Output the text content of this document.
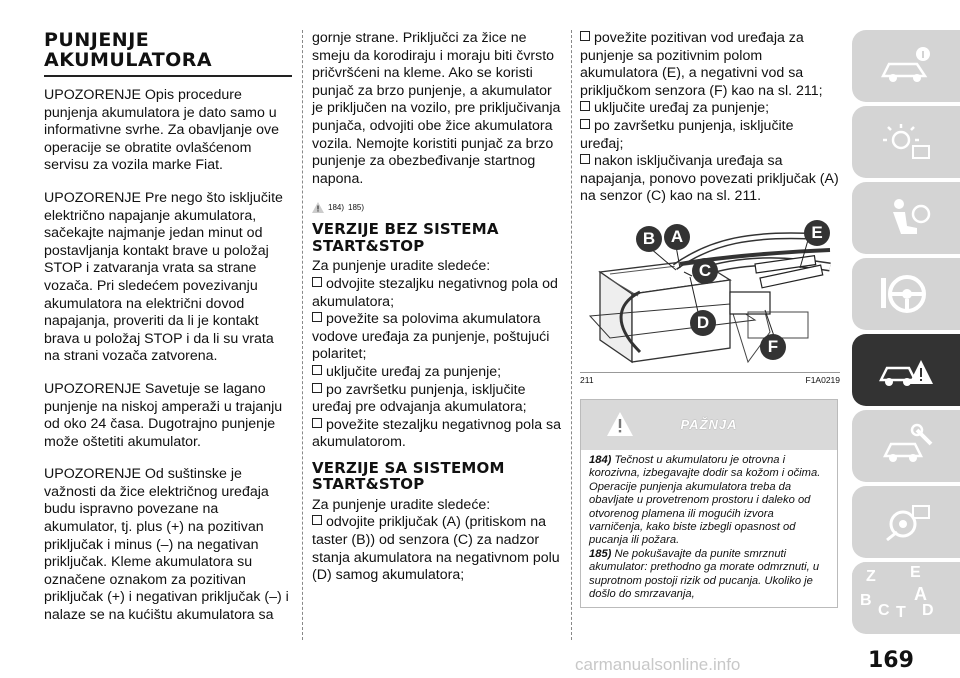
PUNJENJE
AKUMULATORA

UPOZORENJE Opis procedure punjenja akumulatora je dato samo u informativne svrhe. Za obavljanje ove operacije se obratite ovlašćenom servisu za vozila marke Fiat.

UPOZORENJE Pre nego što isključite električno napajanje akumulatora, sačekajte najmanje jedan minut od postavljanja kontakt brave u položaj STOP i zatvaranja vrata sa strane vozača. Pri sledećem povezivanju akumulatora na električni dovod napajanja, proveriti da li je kontakt brava u položaj STOP i da li su vrata na strani vozača zatvorena.

UPOZORENJE Savetuje se lagano punjenje na niskoj amperaži u trajanju od oko 24 časa. Dugotrajno punjenje može oštetiti akumulator.

UPOZORENJE Od suštinske je važnosti da žice električnog uređaja budu ispravno povezane na akumulator, tj. plus (+) na pozitivan priključak i minus (–) na negativan priključak. Kleme akumulatora su označene oznakom za pozitivan priključak (+) i negativan priključak (–) i nalaze se na kućištu akumulatora sa

gornje strane. Priključci za žice ne smeju da korodiraju i moraju biti čvrsto pričvršćeni na kleme. Ako se koristi punjač za brzo punjenje, a akumulator je priključen na vozilo, pre priključivanja punjača, odvojiti obe žice akumulatora vozila. Nemojte koristiti punjač za brzo punjenje za obezbeđivanje startnog napona.

184) 185)
VERZIJE BEZ SISTEMA START&STOP

Za punjenje uradite sledeće:

odvojite stezaljku negativnog pola od akumulatora;

povežite sa polovima akumulatora vodove uređaja za punjenje, poštujući polaritet;

uključite uređaj za punjenje;

po završetku punjenja, isključite uređaj pre odvajanja akumulatora;

povežite stezaljku negativnog pola sa akumulatorom.

VERZIJE SA SISTEMOM START&STOP

Za punjenje uradite sledeće:

odvojite priključak (A) (pritiskom na taster (B)) od senzora (C) za nadzor stanja akumulatora na negativnom polu (D) samog akumulatora;

povežite pozitivan vod uređaja za punjenje sa pozitivnim polom akumulatora (E), a negativni vod sa priključkom senzora (F) kao na sl. 211;

uključite uređaj za punjenje;

po završetku punjenja, isključite uređaj;

nakon isključivanja uređaja sa napajanja, ponovo povezati priključak (A) na senzor (C) kao na sl. 211.

B A
C
D
E
F
211	F1A0219
PAŽNJA
184) Tečnost u akumulatoru je otrovna i korozivna, izbegavajte dodir sa kožom i očima. Operacije punjenja akumulatora treba da obavljate u provetrenom prostoru i daleko od otvorenog plamena ili mogućih izvora varničenja, kako biste izbegli opasnost od pucanja ili požara.
185) Ne pokušavajte da punite smrznuti akumulator: prethodno ga morate odmrznuti, u suprotnom postoji rizik od pucanja. Ukoliko je došlo do smrzavanja,
Z E
A
B
C T D
169
carmanualsonline.info
